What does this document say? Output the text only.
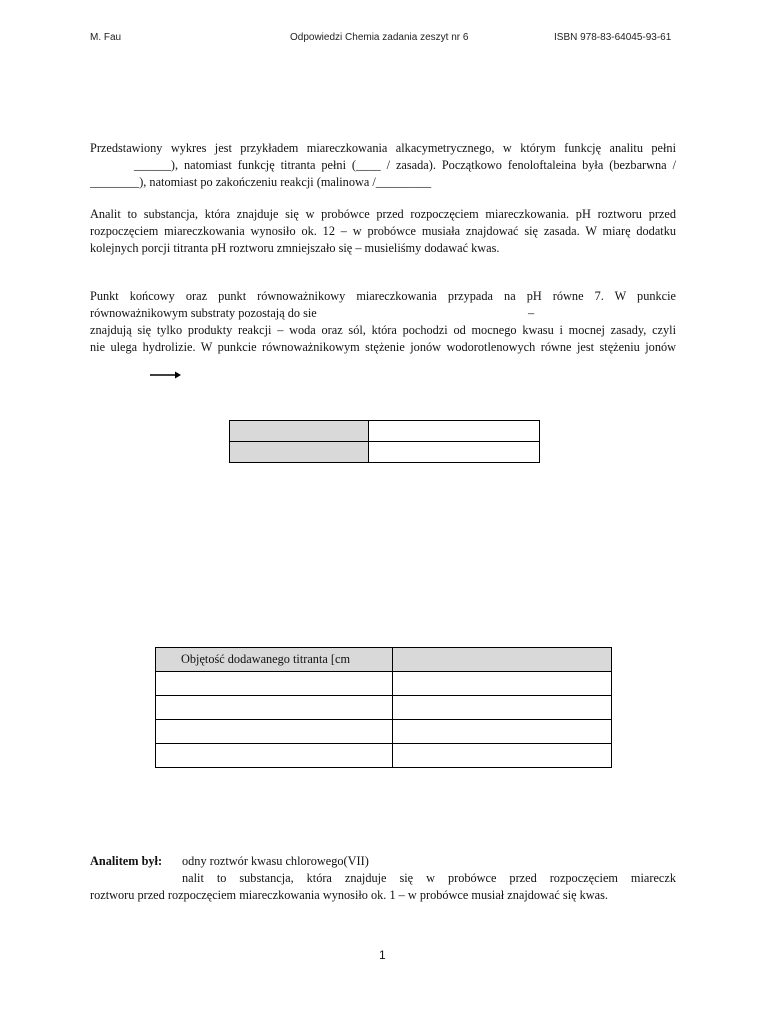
M. Fau	Odpowiedzi Chemia zadania zeszyt nr 6	ISBN 978-83-64045-93-61
Przedstawiony wykres jest przykładem miareczkowania alkacymetrycznego, w którym funkcję analitu pełni
______), natomiast funkcję titranta pełni (____ / zasada). Początkowo fenoloftaleina była (bezbarwna /
________), natomiast po zakończeniu reakcji (malinowa /_________
Analit to substancja, która znajduje się w probówce przed rozpoczęciem miareczkowania. pH roztworu przed
rozpoczęciem miareczkowania wynosiło ok. 12 – w probówce musiała znajdować się zasada. W miarę dodatku
kolejnych porcji titranta pH roztworu zmniejszało się – musieliśmy dodawać kwas.
Punkt końcowy oraz punkt równoważnikowy miareczkowania przypada na pH równe 7. W punkcie
równoważnikowym substraty pozostają do sie	–
znajdują się tylko produkty reakcji – woda oraz sól, która pochodzi od mocnego kwasu i mocnej zasady, czyli
nie ulega hydrolizie. W punkcie równoważnikowym stężenie jonów wodorotlenowych równe jest stężeniu jonów

Objętość dodawanego titranta [cm	

Analitem był: odny roztwór kwasu chlorowego(VII)
nalit to substancja, która znajduje się w probówce przed rozpoczęciem miareczk
roztworu przed rozpoczęciem miareczkowania wynosiło ok. 1 – w probówce musiał znajdować się kwas.
1
